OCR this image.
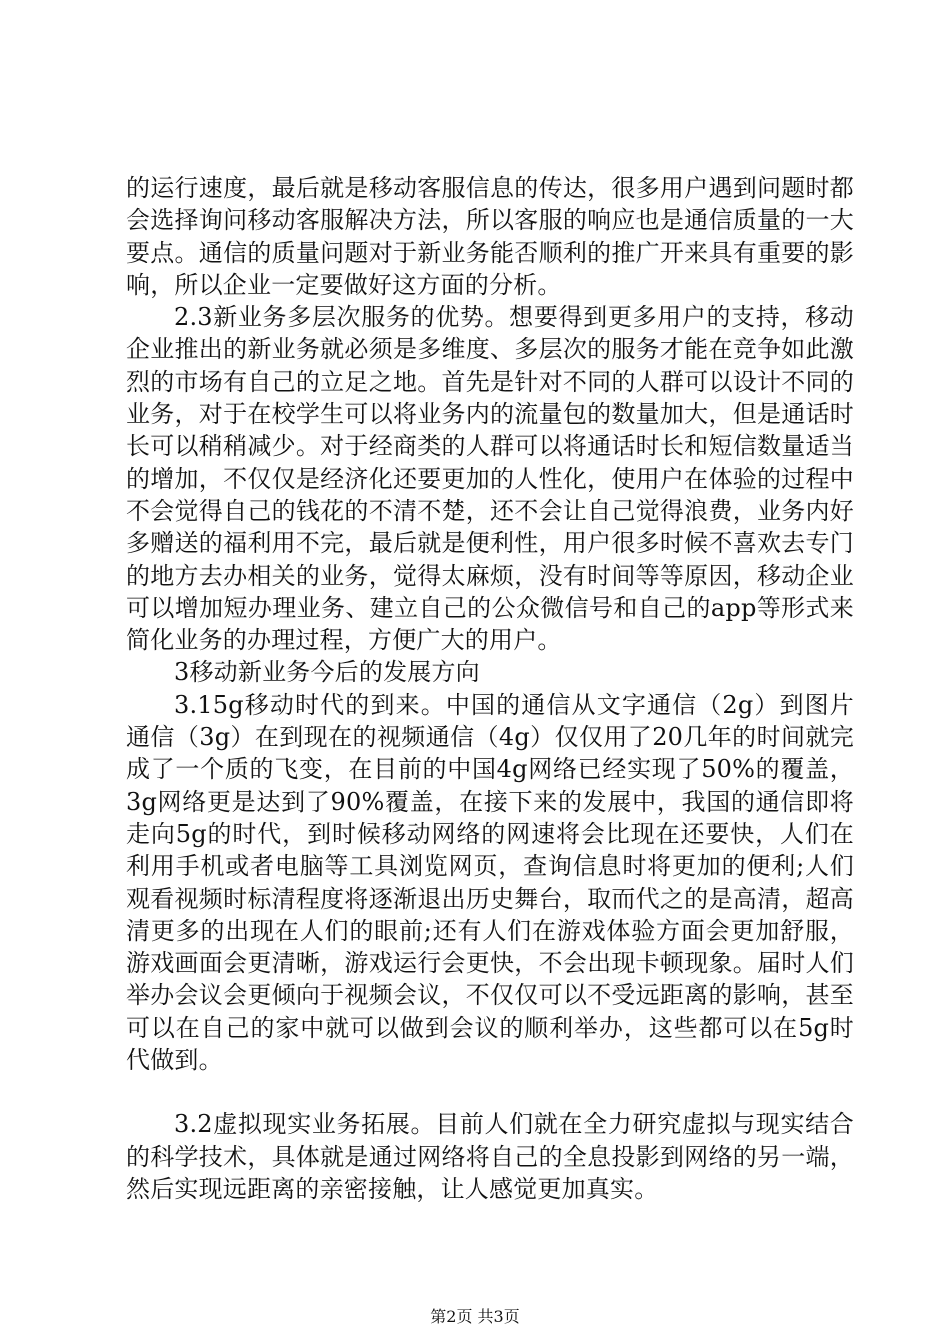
的运行速度，最后就是移动客服信息的传达，很多用户遇到问题时都会选择询问移动客服解决方法，所以客服的响应也是通信质量的一大要点。通信的质量问题对于新业务能否顺利的推广开来具有重要的影响，所以企业一定要做好这方面的分析。

2.3新业务多层次服务的优势。想要得到更多用户的支持，移动企业推出的新业务就必须是多维度、多层次的服务才能在竞争如此激烈的市场有自己的立足之地。首先是针对不同的人群可以设计不同的业务，对于在校学生可以将业务内的流量包的数量加大，但是通话时长可以稍稍减少。对于经商类的人群可以将通话时长和短信数量适当的增加，不仅仅是经济化还要更加的人性化，使用户在体验的过程中不会觉得自己的钱花的不清不楚，还不会让自己觉得浪费，业务内好多赠送的福利用不完，最后就是便利性，用户很多时候不喜欢去专门的地方去办相关的业务，觉得太麻烦，没有时间等等原因，移动企业可以增加短办理业务、建立自己的公众微信号和自己的app等形式来简化业务的办理过程，方便广大的用户。

3移动新业务今后的发展方向

3.15g移动时代的到来。中国的通信从文字通信（2g）到图片通信（3g）在到现在的视频通信（4g）仅仅用了20几年的时间就完成了一个质的飞变，在目前的中国4g网络已经实现了50%的覆盖，3g网络更是达到了90%覆盖，在接下来的发展中，我国的通信即将走向5g的时代，到时候移动网络的网速将会比现在还要快，人们在利用手机或者电脑等工具浏览网页，查询信息时将更加的便利;人们观看视频时标清程度将逐渐退出历史舞台，取而代之的是高清，超高清更多的出现在人们的眼前;还有人们在游戏体验方面会更加舒服，游戏画面会更清晰，游戏运行会更快，不会出现卡顿现象。届时人们举办会议会更倾向于视频会议，不仅仅可以不受远距离的影响，甚至可以在自己的家中就可以做到会议的顺利举办，这些都可以在5g时代做到。

3.2虚拟现实业务拓展。目前人们就在全力研究虚拟与现实结合的科学技术，具体就是通过网络将自己的全息投影到网络的另一端，然后实现远距离的亲密接触，让人感觉更加真实。

第2页 共3页
